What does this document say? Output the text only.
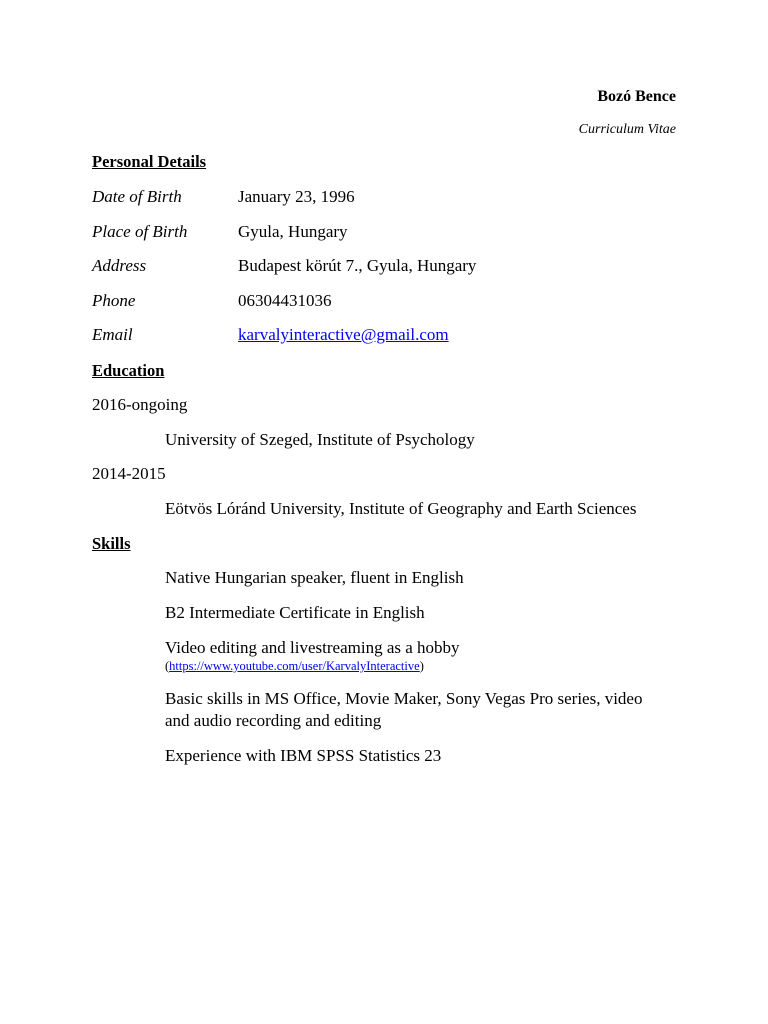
Bozó Bence
Curriculum Vitae
Personal Details
Date of Birth	January 23, 1996
Place of Birth	Gyula, Hungary
Address	Budapest körút 7., Gyula, Hungary
Phone	06304431036
Email	karvalyinteractive@gmail.com
Education
2016-ongoing
University of Szeged, Institute of Psychology
2014-2015
Eötvös Lóránd University, Institute of Geography and Earth Sciences
Skills
Native Hungarian speaker, fluent in English
B2 Intermediate Certificate in English
Video editing and livestreaming as a hobby
(https://www.youtube.com/user/KarvalyInteractive)
Basic skills in MS Office, Movie Maker, Sony Vegas Pro series, video
and audio recording and editing
Experience with IBM SPSS Statistics 23
